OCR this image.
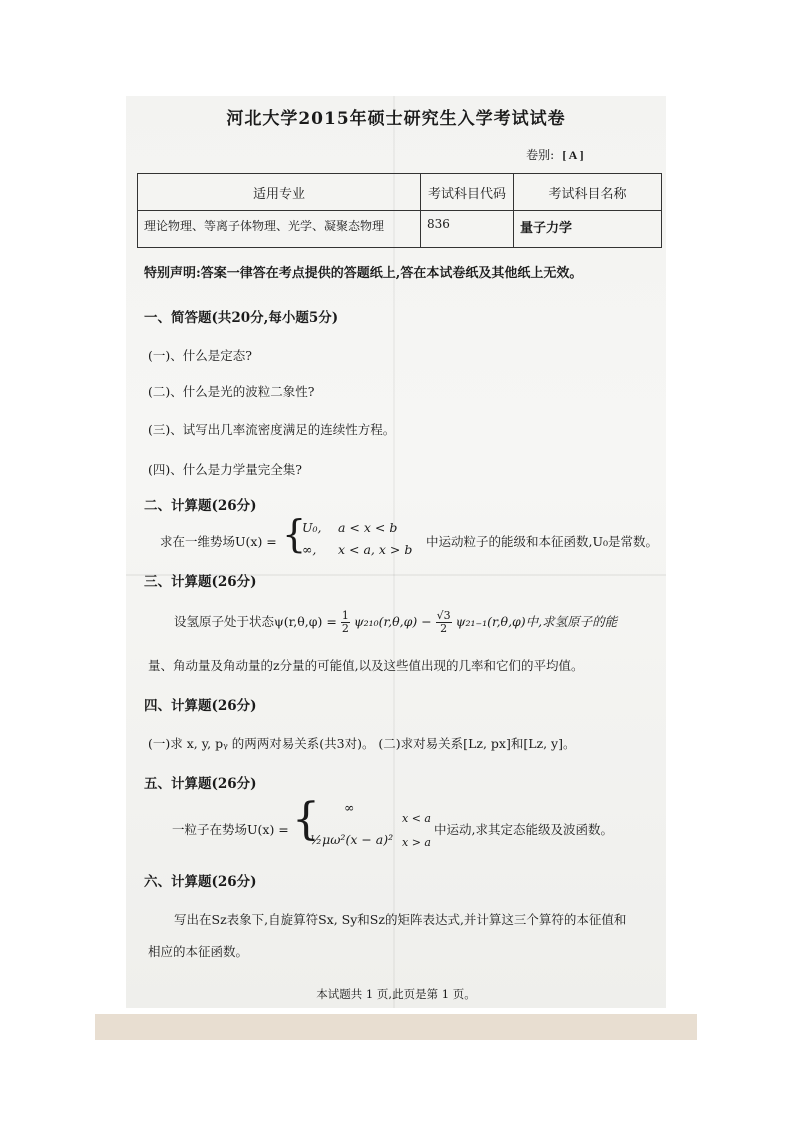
河北大学2015年硕士研究生入学考试试卷
卷别: [ A ]
适用专业	考试科目代码	考试科目名称
理论物理、等离子体物理、光学、凝聚态物理	836	量子力学
特别声明:答案一律答在考点提供的答题纸上,答在本试卷纸及其他纸上无效。
一、简答题(共20分,每小题5分)
(一)、什么是定态?
(二)、什么是光的波粒二象性?
(三)、试写出几率流密度满足的连续性方程。
(四)、什么是力学量完全集?
二、计算题(26分)
求在一维势场U(x) = {
U₀, a < x < b
∞, x < a, x > b
中运动粒子的能级和本征函数,U₀是常数。
三、计算题(26分)
设氢原子处于状态$\psi(r,\theta,\varphi) = \frac{1}{2} \psi_{210}(r,\theta,\varphi) - \frac{√3}{2} \psi_{21-1}(r,\theta,\varphi)$中,求氢原子的能
量、角动量及角动量的z分量的可能值,以及这些值出现的几率和它们的平均值。
四、计算题(26分)
(一)求 x, y, pᵧ 的两两对易关系(共3对)。 (二)求对易关系[Lz, px]和[Lz, y]。
五、计算题(26分)
一粒子在势场U(x) = { ∞
½μω²(x − a)²
x < a
x > a
中运动,求其定态能级及波函数。
六、计算题(26分)
写出在Sz表象下,自旋算符Sx, Sy和Sz的矩阵表达式,并计算这三个算符的本征值和
相应的本征函数。
本试题共 1 页,此页是第 1 页。
